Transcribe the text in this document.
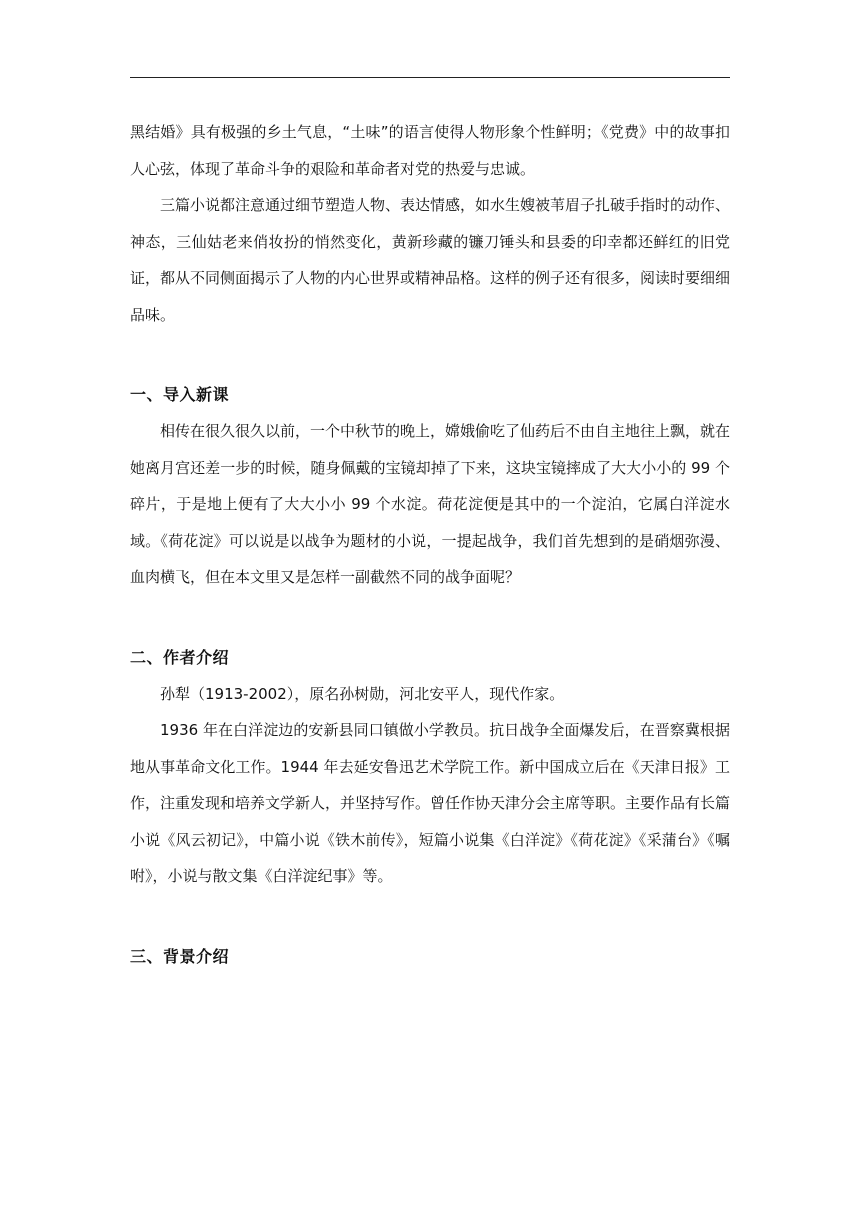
黑结婚》具有极强的乡土气息，“土味”的语言使得人物形象个性鲜明；《党费》中的故事扣人心弦，体现了革命斗争的艰险和革命者对党的热爱与忠诚。

三篇小说都注意通过细节塑造人物、表达情感，如水生嫂被苇眉子扎破手指时的动作、神态，三仙姑老来俏妆扮的悄然变化，黄新珍藏的镰刀锤头和县委的印幸都还鲜红的旧党证，都从不同侧面揭示了人物的内心世界或精神品格。这样的例子还有很多，阅读时要细细品味。

一、导入新课

相传在很久很久以前，一个中秋节的晚上，嫦娥偷吃了仙药后不由自主地往上飘，就在她离月宫还差一步的时候，随身佩戴的宝镜却掉了下来，这块宝镜摔成了大大小小的 99 个碎片，于是地上便有了大大小小 99 个水淀。荷花淀便是其中的一个淀泊，它属白洋淀水域。《荷花淀》可以说是以战争为题材的小说，一提起战争，我们首先想到的是硝烟弥漫、血肉横飞，但在本文里又是怎样一副截然不同的战争面呢？

二、作者介绍

孙犁（1913-2002），原名孙树勋，河北安平人，现代作家。

1936 年在白洋淀边的安新县同口镇做小学教员。抗日战争全面爆发后，在晋察冀根据地从事革命文化工作。1944 年去延安鲁迅艺术学院工作。新中国成立后在《天津日报》工作，注重发现和培养文学新人，并坚持写作。曾任作协天津分会主席等职。主要作品有长篇小说《风云初记》，中篇小说《铁木前传》，短篇小说集《白洋淀》《荷花淀》《采蒲台》《嘱咐》，小说与散文集《白洋淀纪事》等。

三、背景介绍
